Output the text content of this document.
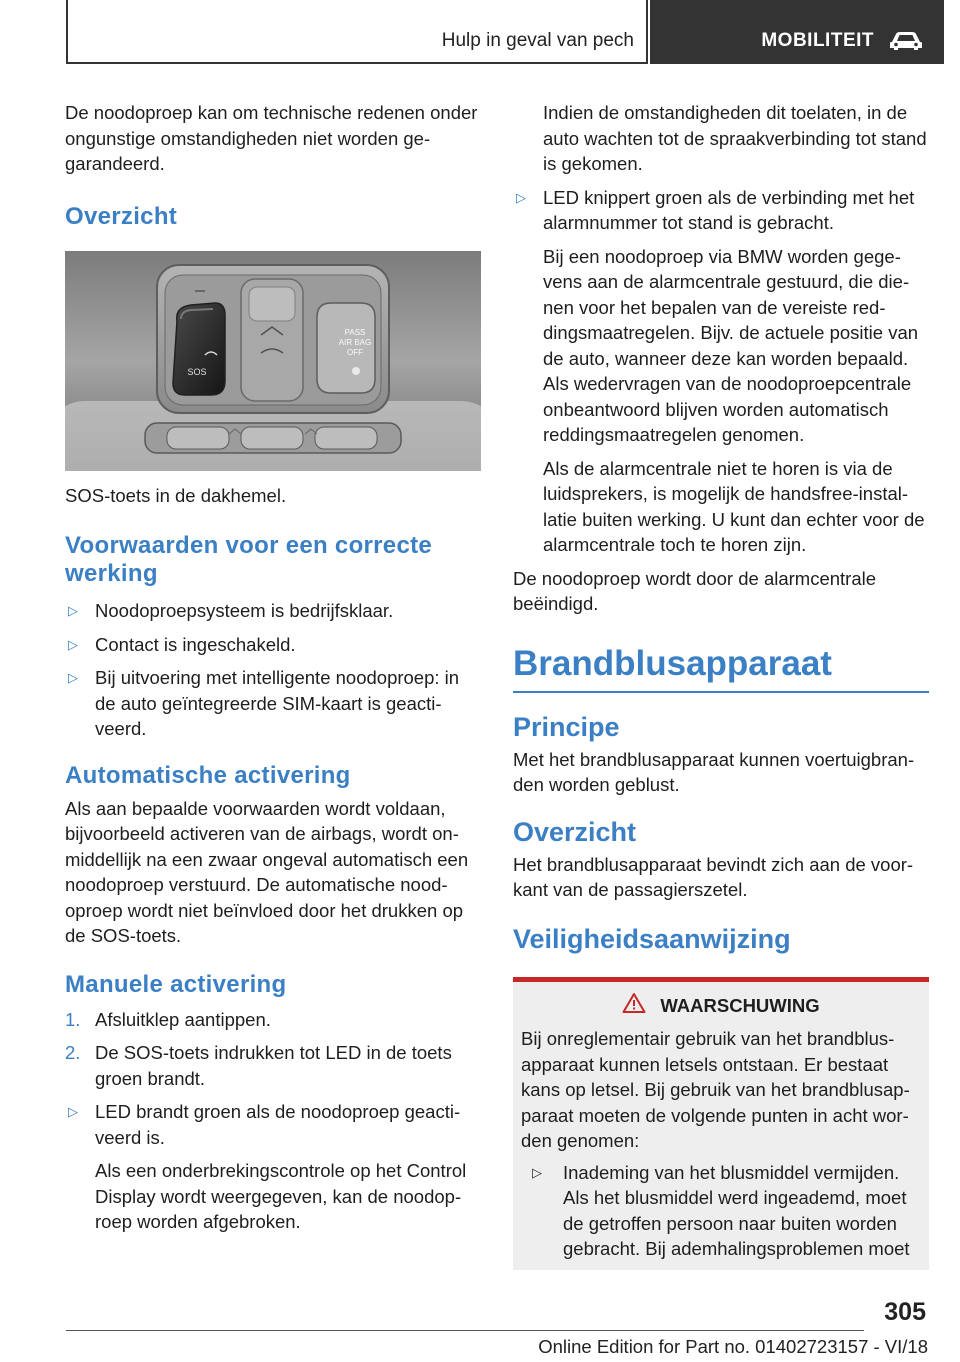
Hulp in geval van pech	MOBILITEIT

De noodoproep kan om technische redenen onder ongunstige omstandigheden niet worden gegarandeerd.

Overzicht
SOS
PASS
AIR BAG
OFF

SOS-toets in de dakhemel.

Voorwaarden voor een correcte werking
▷ Noodoproepsysteem is bedrijfsklaar.
▷ Contact is ingeschakeld.
▷ Bij uitvoering met intelligente noodoproep: in de auto geïntegreerde SIM-kaart is geactiveerd.
Automatische activering

Als aan bepaalde voorwaarden wordt voldaan, bijvoorbeeld activeren van de airbags, wordt onmiddellijk na een zwaar ongeval automatisch een noodoproep verstuurd. De automatische noodoproep wordt niet beïnvloed door het drukken op de SOS-toets.

Manuele activering
1. Afsluitklep aantippen.
2. De SOS-toets indrukken tot LED in de toets groen brandt.
▷ LED brandt groen als de noodoproep geactiveerd is.

Als een onderbrekingscontrole op het Control Display wordt weergegeven, kan de noodoproep worden afgebroken.

Indien de omstandigheden dit toelaten, in de auto wachten tot de spraakverbinding tot stand is gekomen.

▷ LED knippert groen als de verbinding met het alarmnummer tot stand is gebracht.

Bij een noodoproep via BMW worden gegevens aan de alarmcentrale gestuurd, die dienen voor het bepalen van de vereiste reddingsmaatregelen. Bijv. de actuele positie van de auto, wanneer deze kan worden bepaald. Als wedervragen van de noodoproepcentrale onbeantwoord blijven worden automatisch reddingsmaatregelen genomen.

Als de alarmcentrale niet te horen is via de luidsprekers, is mogelijk de handsfree-installatie buiten werking. U kunt dan echter voor de alarmcentrale toch te horen zijn.

De noodoproep wordt door de alarmcentrale beëindigd.

Brandblusapparaat
Principe

Met het brandblusapparaat kunnen voertuigbranden worden geblust.

Overzicht

Het brandblusapparaat bevindt zich aan de voorkant van de passagierszetel.

Veiligheidsaanwijzing
WAARSCHUWING

Bij onreglementair gebruik van het brandblusapparaat kunnen letsels ontstaan. Er bestaat kans op letsel. Bij gebruik van het brandblusapparaat moeten de volgende punten in acht worden genomen:

▷ Inademing van het blusmiddel vermijden. Als het blusmiddel werd ingeademd, moet de getroffen persoon naar buiten worden gebracht. Bij ademhalingsproblemen moet
305
Online Edition for Part no. 01402723157 - VI/18
